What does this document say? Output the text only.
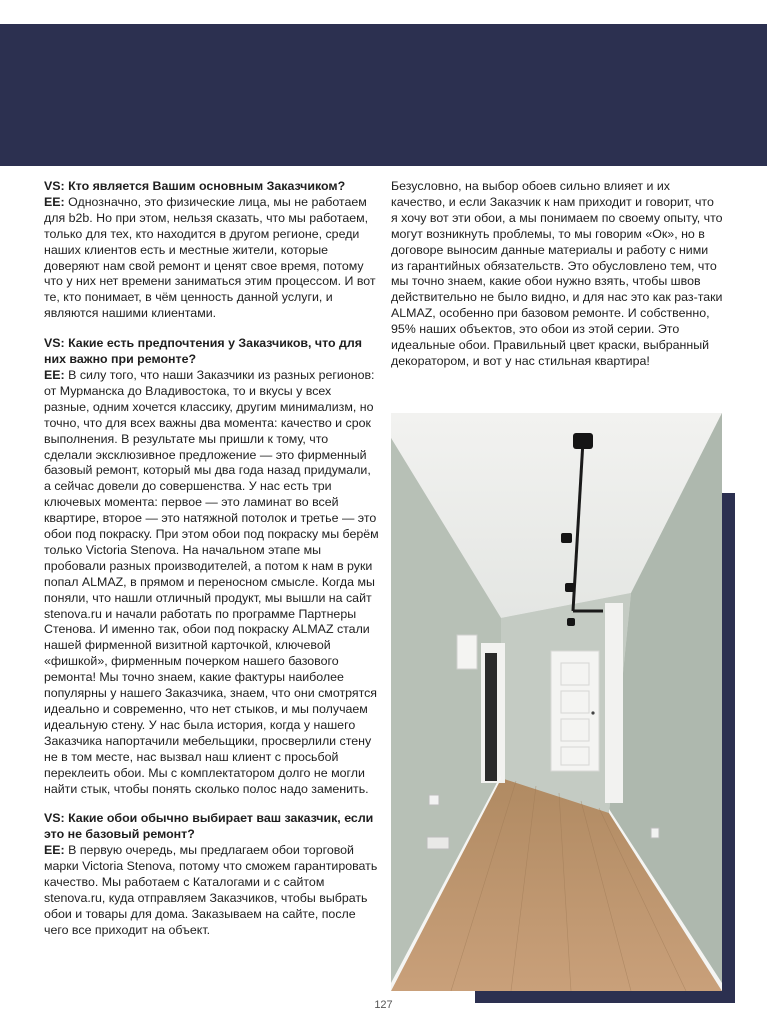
VS: Кто является Вашим основным Заказчиком?

EE: Однозначно, это физические лица, мы не работаем для b2b. Но при этом, нельзя сказать, что мы работаем, только для тех, кто находится в другом регионе, среди наших клиентов есть и местные жители, которые доверяют нам свой ремонт и ценят свое время, потому что у них нет времени заниматься этим процессом. И вот те, кто понимает, в чём ценность данной услуги, и являются нашими клиентами.

VS: Какие есть предпочтения у Заказчиков, что для них важно при ремонте?

EE: В силу того, что наши Заказчики из разных регионов: от Мурманска до Владивостока, то и вкусы у всех разные, одним хочется классику, другим минимализм, но точно, что для всех важны два момента: качество и срок выполнения. В результате мы пришли к тому, что сделали эксклюзивное предложение — это фирменный базовый ремонт, который мы два года назад придумали, а сейчас довели до совершенства. У нас есть три ключевых момента: первое — это ламинат во всей квартире, второе — это натяжной потолок и третье — это обои под покраску. При этом обои под покраску мы берём только Victoria Stenova. На начальном этапе мы пробовали разных производителей, а потом к нам в руки попал ALMAZ, в прямом и переносном смысле. Когда мы поняли, что нашли отличный продукт, мы вышли на сайт stenova.ru и начали работать по программе Партнеры Стенова. И именно так, обои под покраску ALMAZ стали нашей фирменной визитной карточкой, ключевой «фишкой», фирменным почерком нашего базового ремонта! Мы точно знаем, какие фактуры наиболее популярны у нашего Заказчика, знаем, что они смотрятся идеально и современно, что нет стыков, и мы получаем идеальную стену. У нас была история, когда у нашего Заказчика напортачили мебельщики, просверлили стену не в том месте, нас вызвал наш клиент с просьбой переклеить обои. Мы с комплектатором долго не могли найти стык, чтобы понять сколько полос надо заменить.

VS: Какие обои обычно выбирает ваш заказчик, если это не базовый ремонт?

EE: В первую очередь, мы предлагаем обои торговой марки Victoria Stenova, потому что сможем гарантировать качество. Мы работаем с Каталогами и с сайтом stenova.ru, куда отправляем Заказчиков, чтобы выбрать обои и товары для дома. Заказываем на сайте, после чего все приходит на объект.

Безусловно, на выбор обоев сильно влияет и их качество, и если Заказчик к нам приходит и говорит, что я хочу вот эти обои, а мы понимаем по своему опыту, что могут возникнуть проблемы, то мы говорим «Ок», но в договоре выносим данные материалы и работу с ними из гарантийных обязательств. Это обусловлено тем, что мы точно знаем, какие обои нужно взять, чтобы швов действительно не было видно, и для нас это как раз-таки ALMAZ, особенно при базовом ремонте. И собственно, 95% наших объектов, это обои из этой серии. Это идеальные обои. Правильный цвет краски, выбранный декоратором, и вот у нас стильная квартира!

127
